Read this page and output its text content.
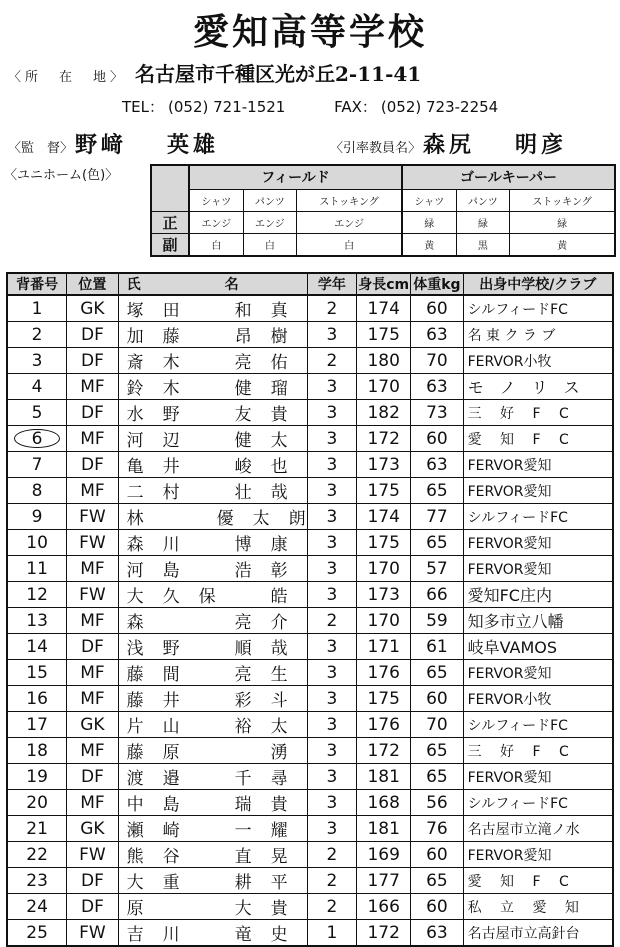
愛知高等学校
〈所　在　地〉 名古屋市千種区光が丘2-11-41
TEL： (052) 721-1521	FAX： (052) 723-2254
〈監　督〉野﨑 英雄	〈引率教員名〉森尻 明彦
〈ユニホーム(色)〉
		フィールド			ゴールキーパー		
	シャツ	パンツ	ストッキング	シャツ	パンツ	ストッキング
正	エンジ	エンジ	エンジ	緑	緑	緑
副	白	白	白	黄	黒	黄
背番号	位置	氏　　　　　　名	学年	身長cm	体重kg	出身中学校/クラブ
1	GK	塚　田　　　和　真	2	174	60	シルフィードFC
2	DF	加　藤　　　昂　樹	3	175	63	名 東 ク ラ ブ
3	DF	斎　木　　　亮　佑	2	180	70	FERVOR小牧
4	MF	鈴　木　　　健　瑠	3	170	63	モ　ノ　リ　ス
5	DF	水　野　　　友　貴	3	182	73	三　 好　 F　 C
6	MF	河　辺　　　健　太	3	172	60	愛　 知　 F　 C
7	DF	亀　井　　　峻　也	3	173	63	FERVOR愛知
8	MF	二　村　　　壮　哉	3	175	65	FERVOR愛知
9	FW	林　　　　優　太　朗	3	174	77	シルフィードFC
10	FW	森　川　　　博　康	3	175	65	FERVOR愛知
11	MF	河　島　　　浩　彰	3	170	57	FERVOR愛知
12	FW	大　久　保　　　皓	3	173	66	愛知FC庄内
13	MF	森　　　　　亮　介	2	170	59	知多市立八幡
14	DF	浅　野　　　順　哉	3	171	61	岐阜VAMOS
15	MF	藤　間　　　亮　生	3	176	65	FERVOR愛知
16	MF	藤　井　　　彩　斗	3	175	60	FERVOR小牧
17	GK	片　山　　　裕　太	3	176	70	シルフィードFC
18	MF	藤　原　　　　　湧	3	172	65	三　 好　 F　 C
19	DF	渡　邉　　　千　尋	3	181	65	FERVOR愛知
20	MF	中　島　　　瑞　貴	3	168	56	シルフィードFC
21	GK	瀬　崎　　　一　耀	3	181	76	名古屋市立滝ノ水
22	FW	熊　谷　　　直　晃	2	169	60	FERVOR愛知
23	DF	大　重　　　耕　平	2	177	65	愛　 知　 F　 C
24	DF	原　　　　　大　貴	2	166	60	私　 立　 愛　 知
25	FW	吉　川　　　竜　史	1	172	63	名古屋市立高針台
